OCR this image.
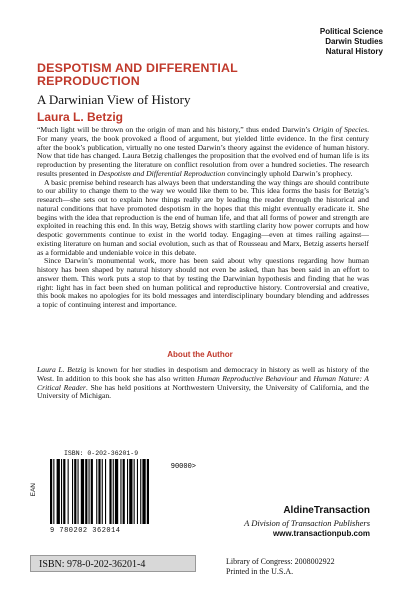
Political Science
Darwin Studies
Natural History
DESPOTISM AND DIFFERENTIAL
REPRODUCTION
A Darwinian View of History
Laura L. Betzig

“Much light will be thrown on the origin of man and his history,” thus ended Darwin’s Origin of Species. For many years, the book provoked a flood of argument, but yielded little evidence. In the first century after the book’s publication, virtually no one tested Darwin’s theory against the evidence of human history. Now that tide has changed. Laura Betzig challenges the proposition that the evolved end of human life is its reproduction by presenting the literature on conflict resolution from over a hundred societies. The research results presented in Despotism and Differential Reproduction convincingly uphold Darwin’s prophecy.

A basic premise behind research has always been that understanding the way things are should contribute to our ability to change them to the way we would like them to be. This idea forms the basis for Betzig’s research—she sets out to explain how things really are by leading the reader through the historical and natural conditions that have promoted despotism in the hopes that this might eventually eradicate it. She begins with the idea that reproduction is the end of human life, and that all forms of power and strength are exploited in reaching this end. In this way, Betzig shows with startling clarity how power corrupts and how despotic governments continue to exist in the world today. Engaging—even at times railing against—existing literature on human and social evolution, such as that of Rousseau and Marx, Betzig asserts herself as a formidable and undeniable voice in this debate.

Since Darwin’s monumental work, more has been said about why questions regarding how human history has been shaped by natural history should not even be asked, than has been said in an effort to answer them. This work puts a stop to that by testing the Darwinian hypothesis and finding that he was right: light has in fact been shed on human political and reproductive history. Controversial and creative, this book makes no apologies for its bold messages and interdisciplinary boundary blending and addresses a topic of continuing interest and importance.

About the Author
Laura L. Betzig is known for her studies in despotism and democracy in history as well as history of the West. In addition to this book she has also written Human Reproductive Behaviour and Human Nature: A Critical Reader. She has held positions at Northwestern University, the University of California, and the University of Michigan.
ISBN: 0-202-36201-9
EAN
90000>
9 780202 362014
ISBN: 978-0-202-36201-4
AldineTransaction
A Division of Transaction Publishers
www.transactionpub.com
Library of Congress: 2008002922
Printed in the U.S.A.
